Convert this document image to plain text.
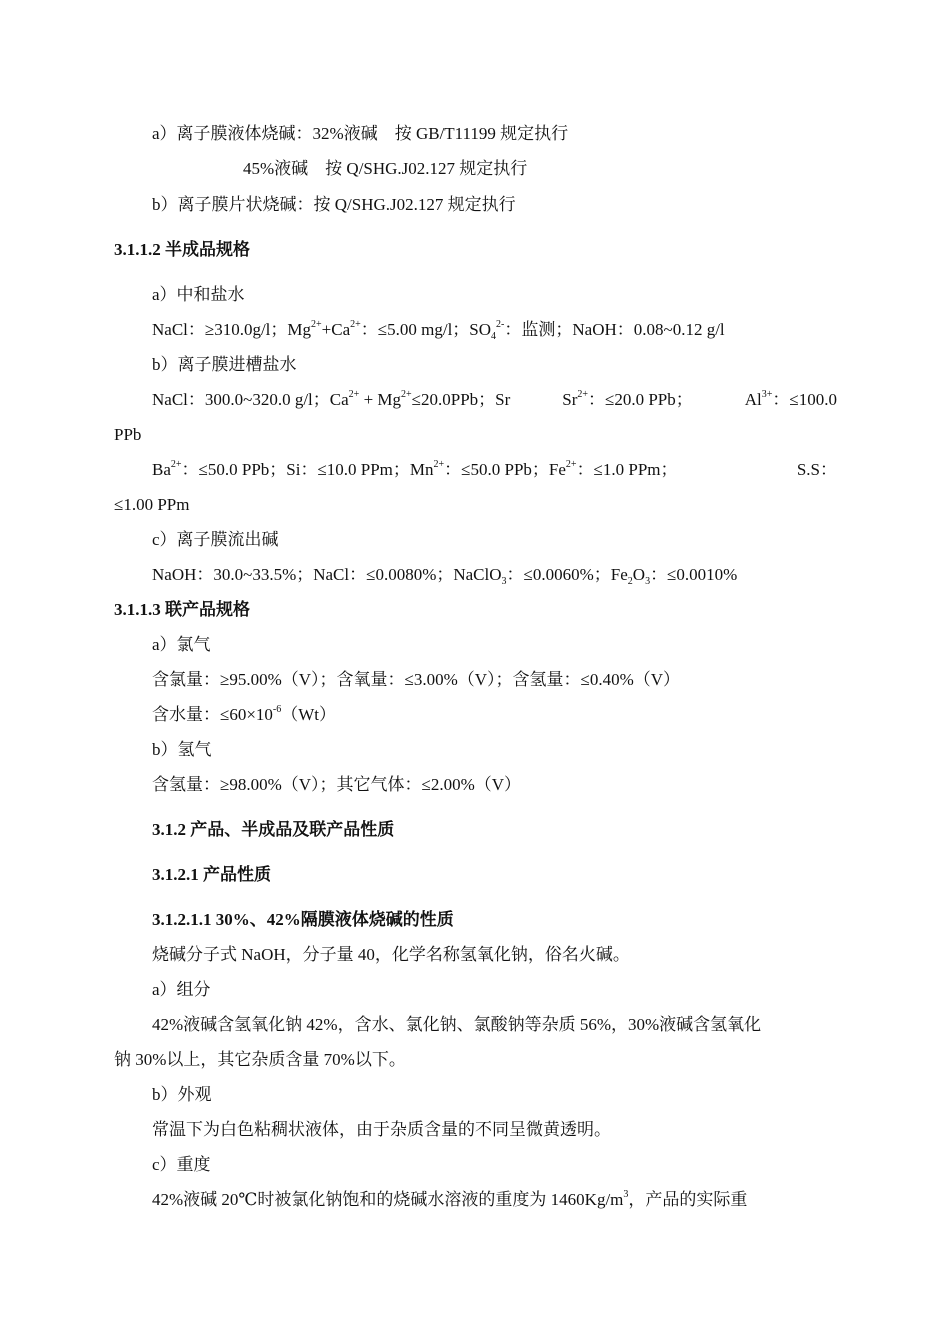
a）离子膜液体烧碱：32%液碱　按 GB/T11199 规定执行
45%液碱　按 Q/SHG.J02.127 规定执行
b）离子膜片状烧碱：按 Q/SHG.J02.127 规定执行
3.1.1.2 半成品规格
a）中和盐水
NaCl：≥310.0g/l；$Mg^{2+}+Ca^{2+}$：≤5.00 mg/l；$SO_4^{2-}$：监测；NaOH：0.08~0.12 g/l
b）离子膜进槽盐水
NaCl：300.0~320.0 g/l；$Ca^{2+} + Mg^{2+}\le 20.0PPb$；Sr	$Sr^{2+}$：≤20.0 PPb；	$Al^{3+}$：≤100.0
PPb
$Ba^{2+}$：≤50.0 PPb；Si：≤10.0 PPm；$Mn^{2+}$：≤50.0 PPb；$Fe^{2+}$：≤1.0 PPm；	S.S：
≤1.00 PPm
c）离子膜流出碱
NaOH：30.0~33.5%；NaCl：≤0.0080%；NaClO$_3$：≤0.0060%；$Fe_2O_3$：≤0.0010%
3.1.1.3 联产品规格
a）氯气
含氯量：≥95.00%（V）；含氧量：≤3.00%（V）；含氢量：≤0.40%（V）
含水量：$\le 60\times 10^{-6}(Wt)$
b）氢气
含氢量：≥98.00%（V）；其它气体：≤2.00%（V）
3.1.2 产品、半成品及联产品性质
3.1.2.1 产品性质
3.1.2.1.1 30%、42%隔膜液体烧碱的性质
烧碱分子式 NaOH，分子量 40，化学名称氢氧化钠，俗名火碱。
a）组分
42%液碱含氢氧化钠 42%，含水、氯化钠、氯酸钠等杂质 56%，30%液碱含氢氧化
钠 30%以上，其它杂质含量 70%以下。
b）外观
常温下为白色粘稠状液体，由于杂质含量的不同呈微黄透明。
c）重度
42%液碱 20℃时被氯化钠饱和的烧碱水溶液的重度为 $1460Kg/m^3$，产品的实际重
